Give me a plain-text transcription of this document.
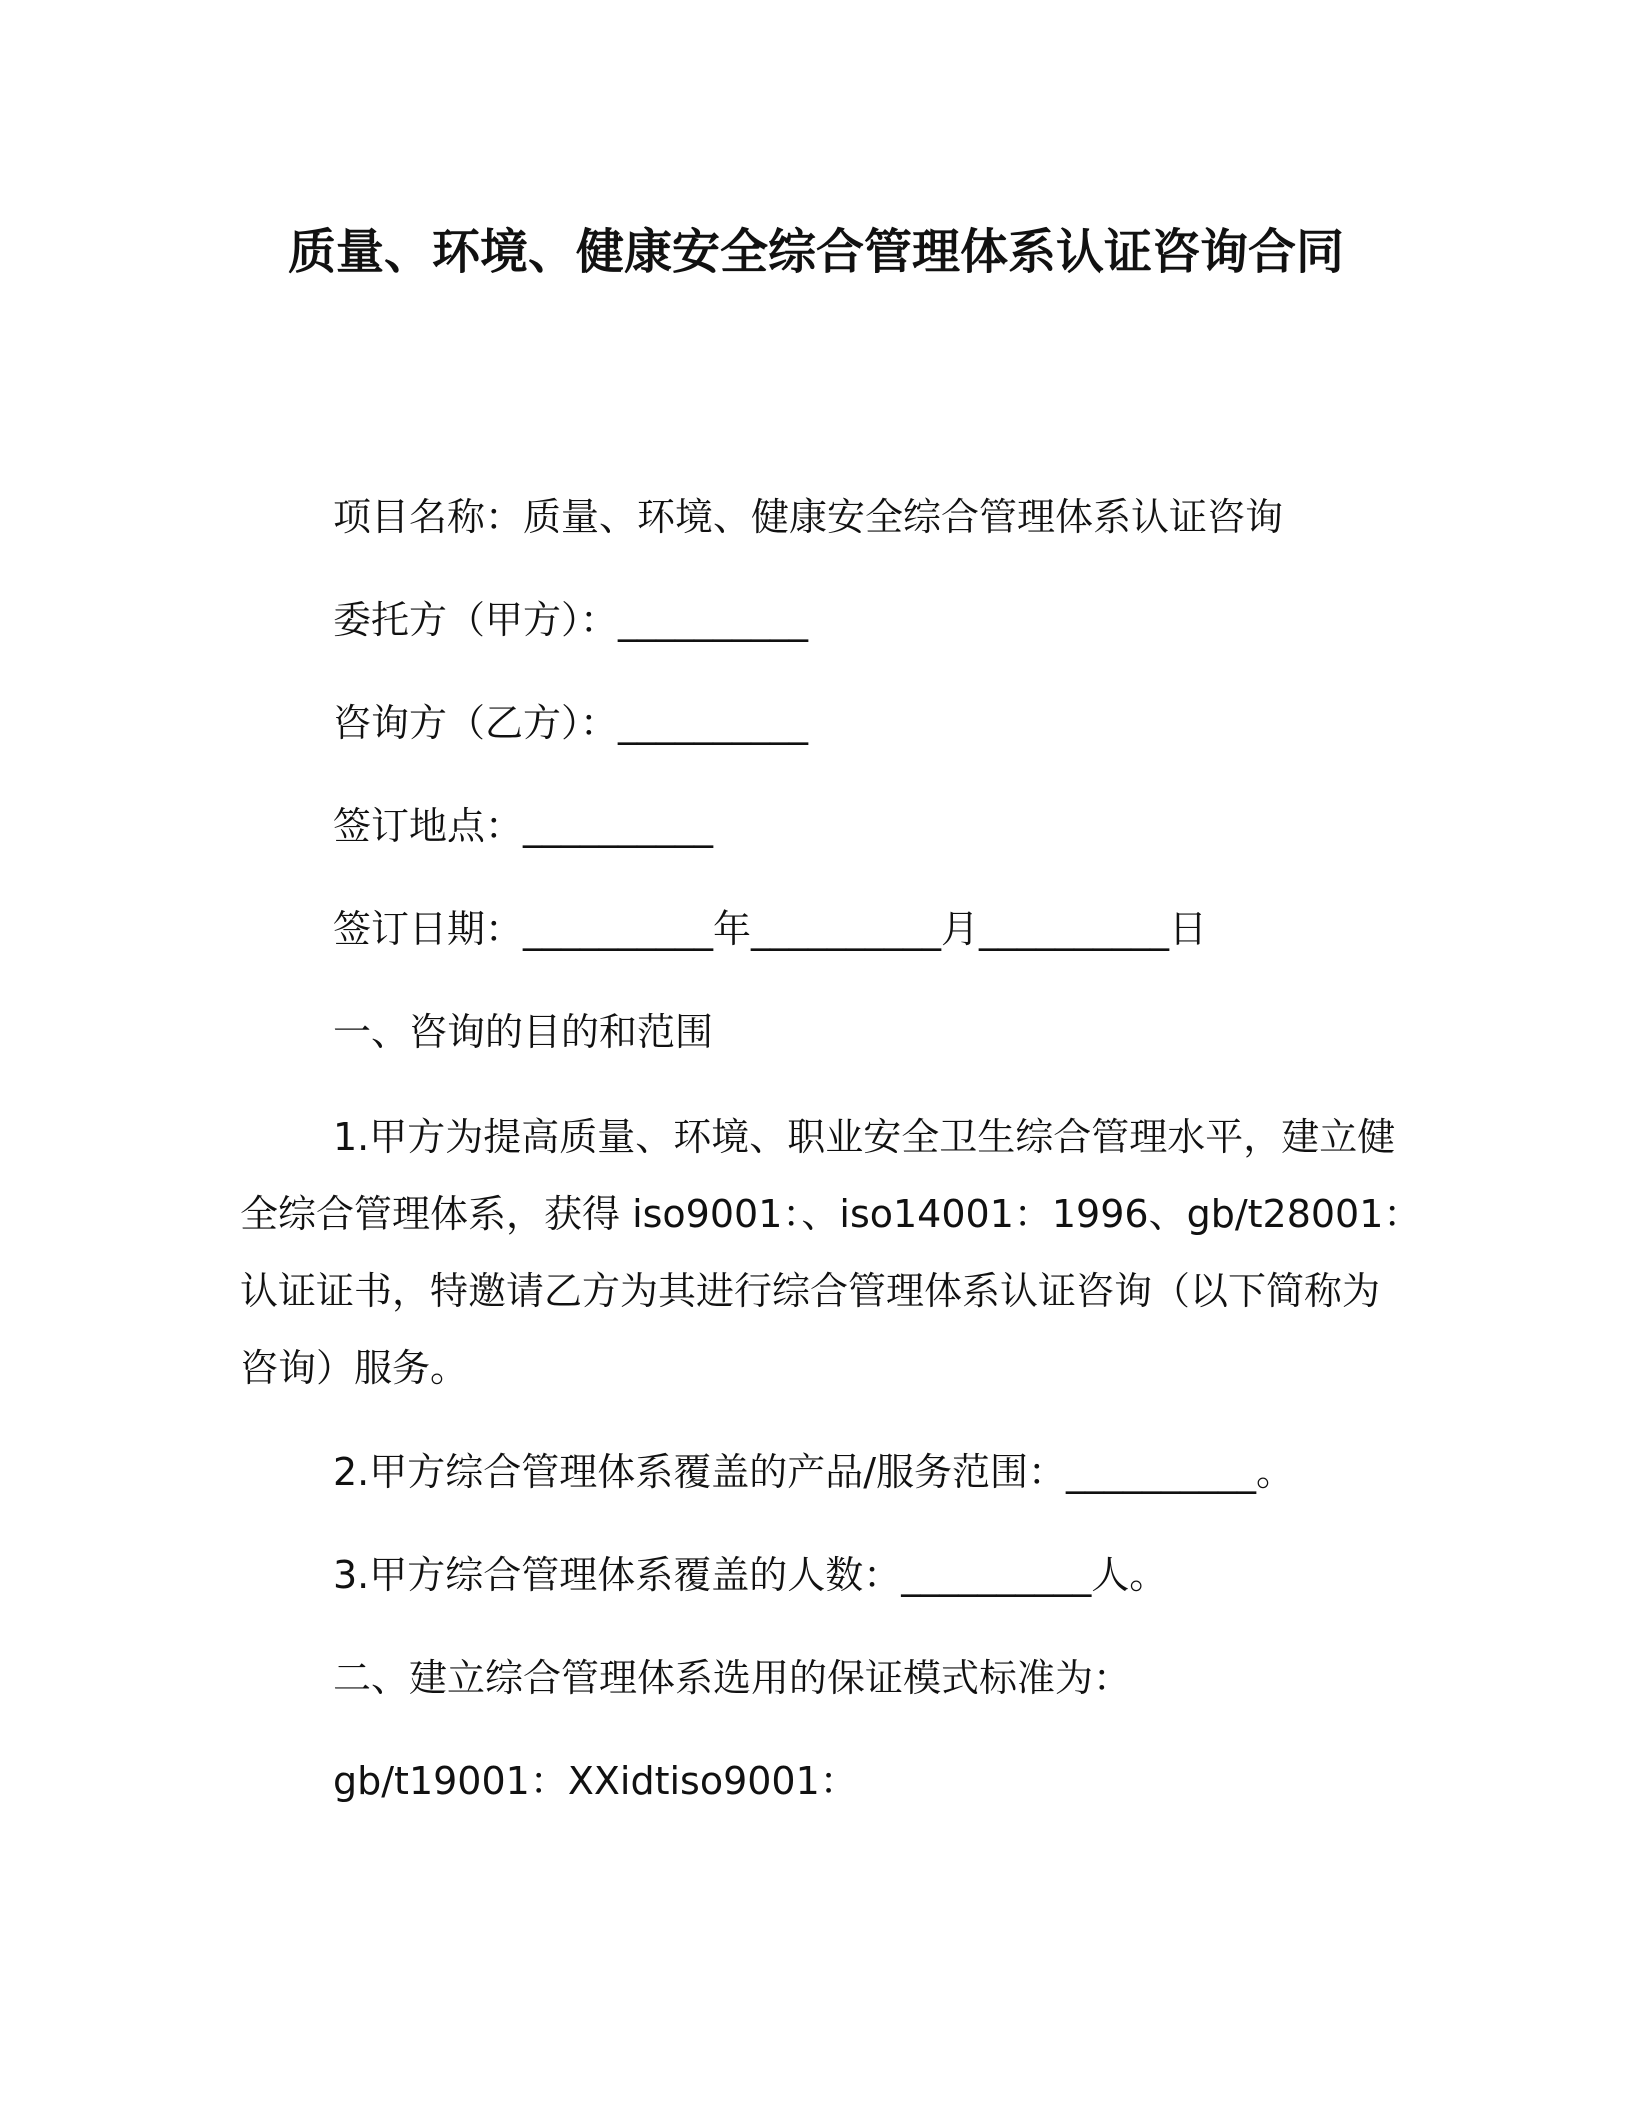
质量、环境、健康安全综合管理体系认证咨询合同
项目名称：质量、环境、健康安全综合管理体系认证咨询
委托方（甲方）：__________
咨询方（乙方）：__________
签订地点：__________
签订日期：__________年__________月__________日
一、咨询的目的和范围
1.甲方为提高质量、环境、职业安全卫生综合管理水平，建立健
全综合管理体系，获得 iso9001：、iso14001：1996、gb/t28001：
认证证书，特邀请乙方为其进行综合管理体系认证咨询（以下简称为
咨询）服务。
2.甲方综合管理体系覆盖的产品/服务范围：__________。
3.甲方综合管理体系覆盖的人数：__________人。
二、建立综合管理体系选用的保证模式标准为：
gb/t19001：XXidtiso9001：
